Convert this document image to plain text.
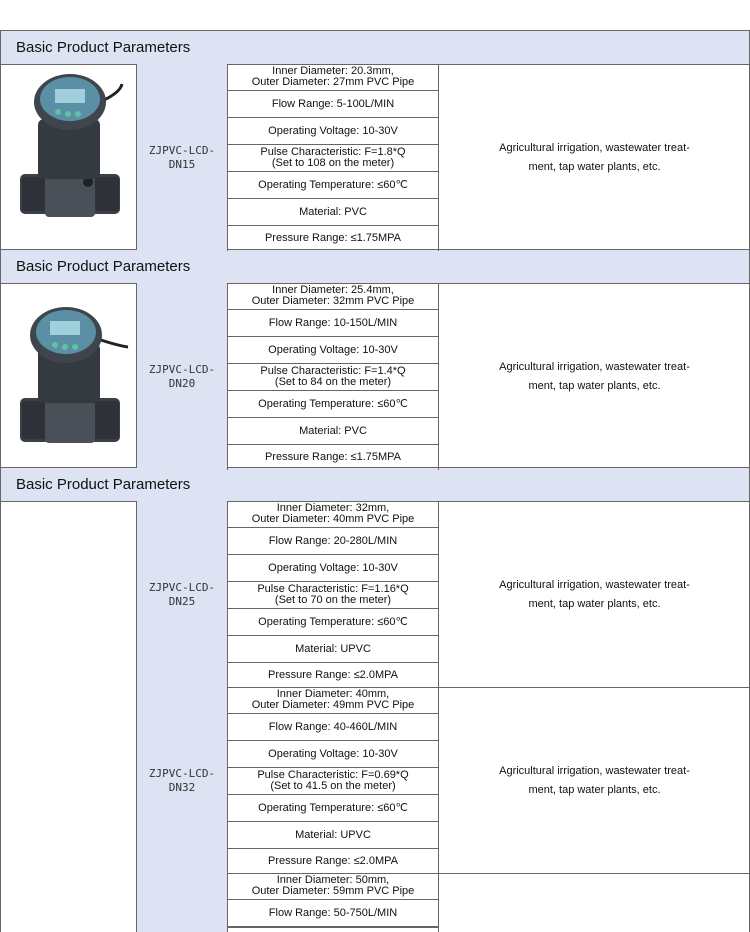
Basic Product Parameters
Basic Product Parameters
Basic Product Parameters
ZJPVC-LCD-
DN15
Inner Diameter: 20.3mm,
Outer Diameter: 27mm PVC Pipe
Flow Range: 5-100L/MIN
Operating Voltage: 10-30V
Pulse Characteristic: F=1.8*Q
(Set to 108 on the meter)
Operating Temperature: ≤60℃
Material: PVC
Pressure Range: ≤1.75MPA
Agricultural irrigation, wastewater treat-
ment, tap water plants, etc.
ZJPVC-LCD-
DN20
Inner Diameter: 25.4mm,
Outer Diameter: 32mm PVC Pipe
Flow Range: 10-150L/MIN
Operating Voltage: 10-30V
Pulse Characteristic: F=1.4*Q
(Set to 84 on the meter)
Operating Temperature: ≤60℃
Material: PVC
Pressure Range: ≤1.75MPA
Agricultural irrigation, wastewater treat-
ment, tap water plants, etc.
ZJPVC-LCD-
DN25
Inner Diameter: 32mm,
Outer Diameter: 40mm PVC Pipe
Flow Range: 20-280L/MIN
Operating Voltage: 10-30V
Pulse Characteristic: F=1.16*Q
(Set to 70 on the meter)
Operating Temperature: ≤60℃
Material: UPVC
Pressure Range: ≤2.0MPA
Agricultural irrigation, wastewater treat-
ment, tap water plants, etc.
ZJPVC-LCD-
DN32
Inner Diameter: 40mm,
Outer Diameter: 49mm PVC Pipe
Flow Range: 40-460L/MIN
Operating Voltage: 10-30V
Pulse Characteristic: F=0.69*Q
(Set to 41.5 on the meter)
Operating Temperature: ≤60℃
Material: UPVC
Pressure Range: ≤2.0MPA
Agricultural irrigation, wastewater treat-
ment, tap water plants, etc.
Inner Diameter: 50mm,
Outer Diameter: 59mm PVC Pipe
Flow Range: 50-750L/MIN
